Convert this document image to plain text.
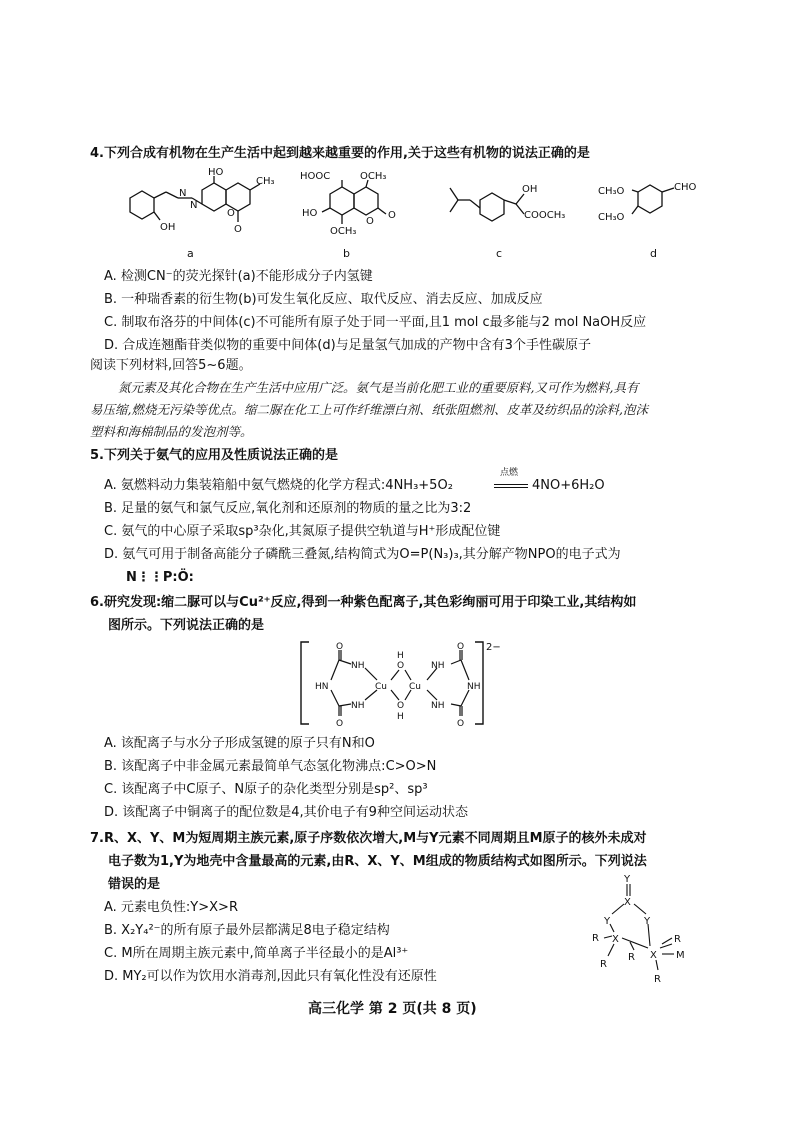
4.下列合成有机物在生产生活中起到越来越重要的作用,关于这些有机物的说法正确的是
HO
N
N
OH
CH₃
O
O
a
HOOC	OCH₃
HO
O
O
OCH₃
b
OH
COOCH₃
c
CH₃O
CH₃O
CHO
d
A. 检测CN⁻的荧光探针(a)不能形成分子内氢键
B. 一种瑞香素的衍生物(b)可发生氧化反应、取代反应、消去反应、加成反应
C. 制取布洛芬的中间体(c)不可能所有原子处于同一平面,且1 mol c最多能与2 mol NaOH反应
D. 合成连翘酯苷类似物的重要中间体(d)与足量氢气加成的产物中含有3个手性碳原子
阅读下列材料,回答5~6题。
氮元素及其化合物在生产生活中应用广泛。氨气是当前化肥工业的重要原料,又可作为燃料,具有
易压缩,燃烧无污染等优点。缩二脲在化工上可作纤维漂白剂、纸张阻燃剂、皮革及纺织品的涂料,泡沫
塑料和海棉制品的发泡剂等。
5.下列关于氨气的应用及性质说法正确的是
A. 氨燃料动力集装箱船中氨气燃烧的化学方程式:4NH₃+5O₂
点燃
4NO+6H₂O
B. 足量的氨气和氯气反应,氧化剂和还原剂的物质的量之比为3:2
C. 氨气的中心原子采取sp³杂化,其氮原子提供空轨道与H⁺形成配位键
D. 氨气可用于制备高能分子磷酰三叠氮,结构简式为O=P(N₃)₃,其分解产物NPO的电子式为
N⋮⋮P:Ö:
6.研究发现:缩二脲可以与Cu²⁺反应,得到一种紫色配离子,其色彩绚丽可用于印染工业,其结构如
图所示。下列说法正确的是
2−
O
O
O
O
NH
NH
NH
NH
HN	NH
Cu Cu
O
H
O
H
A. 该配离子与水分子形成氢键的原子只有N和O
B. 该配离子中非金属元素最简单气态氢化物沸点:C>O>N
C. 该配离子中C原子、N原子的杂化类型分别是sp²、sp³
D. 该配离子中铜离子的配位数是4,其价电子有9种空间运动状态
7.R、X、Y、M为短周期主族元素,原子序数依次增大,M与Y元素不同周期且M原子的核外未成对
电子数为1,Y为地壳中含量最高的元素,由R、X、Y、M组成的物质结构式如图所示。下列说法
错误的是
A. 元素电负性:Y>X>R
B. X₂Y₄²⁻的所有原子最外层都满足8电子稳定结构
C. M所在周期主族元素中,简单离子半径最小的是Al³⁺
D. MY₂可以作为饮用水消毒剂,因此只有氧化性没有还原性
Y
X
Y	Y
R X
X
R
R
R
M
R
高三化学 第 2 页(共 8 页)
